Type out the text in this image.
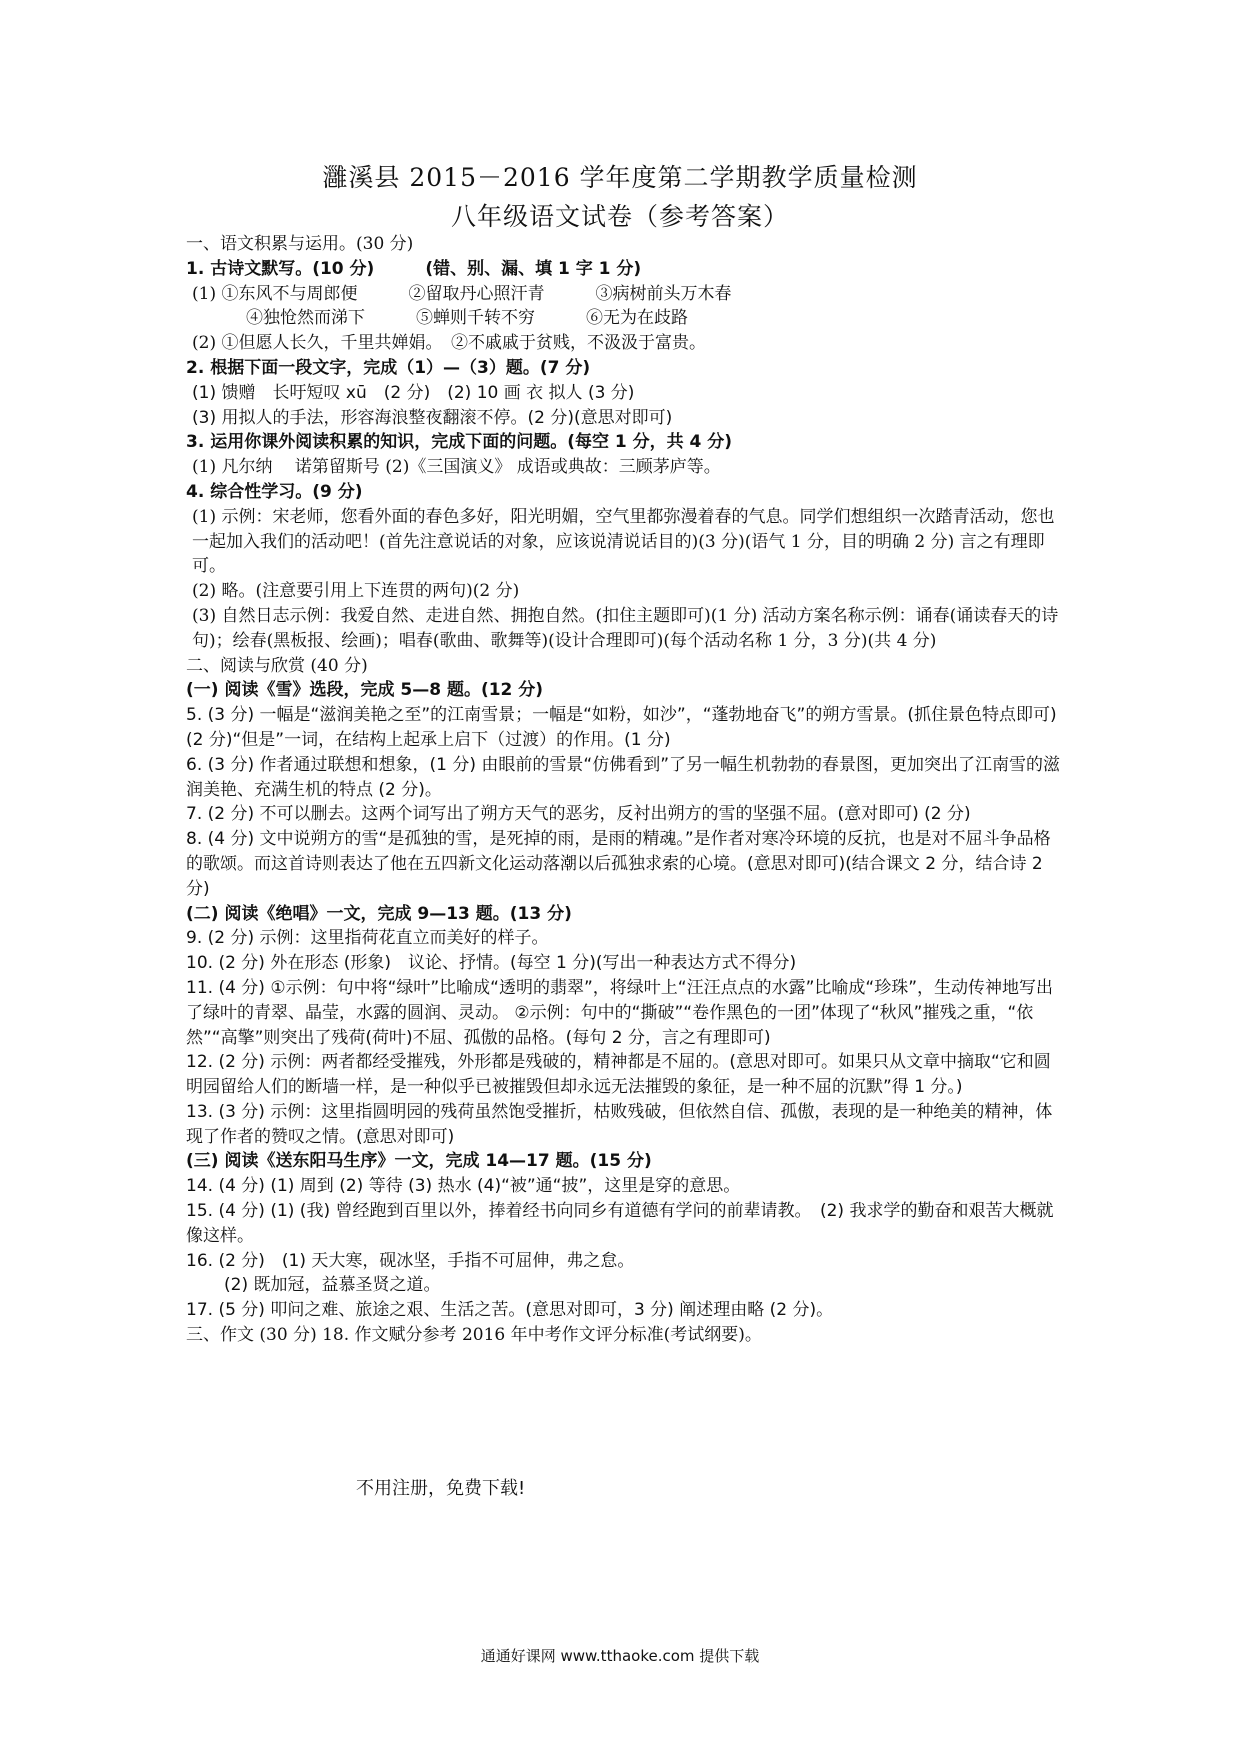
灉溪县 2015－2016 学年度第二学期教学质量检测
八年级语文试卷（参考答案）

一、语文积累与运用。(30 分)

1. 古诗文默写。(10 分)　　　(错、别、漏、填 1 字 1 分)

(1) ①东风不与周郎便　　　②留取丹心照汗青　　　③病树前头万木春

④独怆然而涕下　　　⑤蝉则千转不穷　　　⑥无为在歧路

(2) ①但愿人长久，千里共婵娟。　②不戚戚于贫贱，不汲汲于富贵。

2. 根据下面一段文字，完成（1）—（3）题。(7 分)

(1) 馈赠　长吁短叹 xū　(2 分)　(2) 10 画 衣 拟人 (3 分)

(3) 用拟人的手法，形容海浪整夜翻滚不停。(2 分)(意思对即可)

3. 运用你课外阅读积累的知识，完成下面的问题。(每空 1 分，共 4 分)

(1) 凡尔纳　 诺第留斯号 (2)《三国演义》 成语或典故：三顾茅庐等。

4. 综合性学习。(9 分)

(1) 示例：宋老师，您看外面的春色多好，阳光明媚，空气里都弥漫着春的气息。同学们想组织一次踏青活动，您也一起加入我们的活动吧！(首先注意说话的对象，应该说清说话目的)(3 分)(语气 1 分，目的明确 2 分) 言之有理即可。

(2) 略。(注意要引用上下连贯的两句)(2 分)

(3) 自然日志示例：我爱自然、走进自然、拥抱自然。(扣住主题即可)(1 分) 活动方案名称示例：诵春(诵读春天的诗句)；绘春(黑板报、绘画)；唱春(歌曲、歌舞等)(设计合理即可)(每个活动名称 1 分，3 分)(共 4 分)

二、阅读与欣赏 (40 分)

(一) 阅读《雪》选段，完成 5—8 题。(12 分)

5. (3 分) 一幅是“滋润美艳之至”的江南雪景；一幅是“如粉，如沙”，“蓬勃地奋飞”的朔方雪景。(抓住景色特点即可)(2 分)“但是”一词，在结构上起承上启下（过渡）的作用。(1 分)

6. (3 分) 作者通过联想和想象，(1 分) 由眼前的雪景“仿佛看到”了另一幅生机勃勃的春景图，更加突出了江南雪的滋润美艳、充满生机的特点 (2 分)。

7. (2 分) 不可以删去。这两个词写出了朔方天气的恶劣，反衬出朔方的雪的坚强不屈。(意对即可) (2 分)

8. (4 分) 文中说朔方的雪“是孤独的雪，是死掉的雨，是雨的精魂。”是作者对寒冷环境的反抗，也是对不屈斗争品格的歌颂。而这首诗则表达了他在五四新文化运动落潮以后孤独求索的心境。(意思对即可)(结合课文 2 分，结合诗 2 分)

(二) 阅读《绝唱》一文，完成 9—13 题。(13 分)

9. (2 分) 示例：这里指荷花直立而美好的样子。

10. (2 分) 外在形态 (形象)　议论、抒情。(每空 1 分)(写出一种表达方式不得分)

11. (4 分) ①示例：句中将“绿叶”比喻成“透明的翡翠”，将绿叶上“汪汪点点的水露”比喻成“珍珠”，生动传神地写出了绿叶的青翠、晶莹，水露的圆润、灵动。 ②示例：句中的“撕破”“卷作黑色的一团”体现了“秋风”摧残之重，“依然”“高擎”则突出了残荷(荷叶)不屈、孤傲的品格。(每句 2 分，言之有理即可)

12. (2 分) 示例：两者都经受摧残，外形都是残破的，精神都是不屈的。(意思对即可。如果只从文章中摘取“它和圆明园留给人们的断墙一样，是一种似乎已被摧毁但却永远无法摧毁的象征，是一种不屈的沉默”得 1 分。)

13. (3 分) 示例：这里指圆明园的残荷虽然饱受摧折，枯败残破，但依然自信、孤傲，表现的是一种绝美的精神，体现了作者的赞叹之情。(意思对即可)

(三) 阅读《送东阳马生序》一文，完成 14—17 题。(15 分)

14. (4 分) (1) 周到 (2) 等待 (3) 热水 (4)“被”通“披”，这里是穿的意思。

15. (4 分) (1) (我) 曾经跑到百里以外，捧着经书向同乡有道德有学问的前辈请教。　(2) 我求学的勤奋和艰苦大概就像这样。

16. (2 分)　(1) 天大寒，砚冰坚，手指不可屈伸，弗之怠。

(2) 既加冠，益慕圣贤之道。

17. (5 分) 叩问之难、旅途之艰、生活之苦。(意思对即可，3 分) 阐述理由略 (2 分)。

三、作文 (30 分) 18. 作文赋分参考 2016 年中考作文评分标准(考试纲要)。

不用注册，免费下载!
通通好课网 www.tthaoke.com 提供下载
